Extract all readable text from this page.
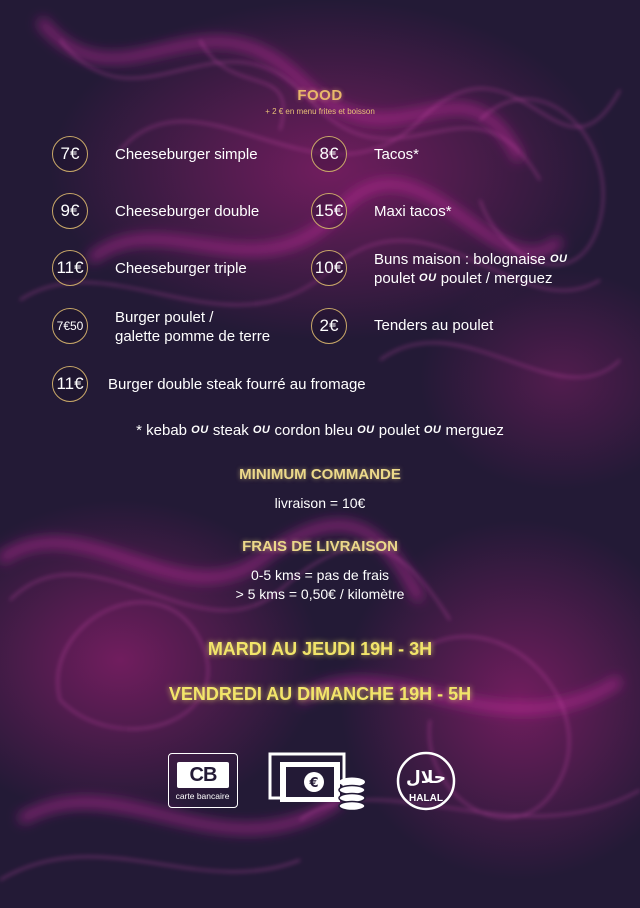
FOOD
+ 2 € en menu frites et boisson
7€	Cheeseburger simple
9€	Cheeseburger double
11€ Cheeseburger triple
7€50	Burger poulet /
galette pomme de terre
8€	Tacos*
15€ Maxi tacos*
10€ Buns maison : bolognaise OU
poulet OU poulet / merguez
2€	Tenders au poulet
11€ Burger double steak fourré au fromage
* kebab OU steak OU cordon bleu OU poulet OU merguez
MINIMUM COMMANDE
livraison = 10€
FRAIS DE LIVRAISON
0-5 kms = pas de frais
> 5 kms = 0,50€ / kilomètre
MARDI AU JEUDI 19H - 3H
VENDREDI AU DIMANCHE 19H - 5H
CB
carte bancaire
€	حلال
HALAL
